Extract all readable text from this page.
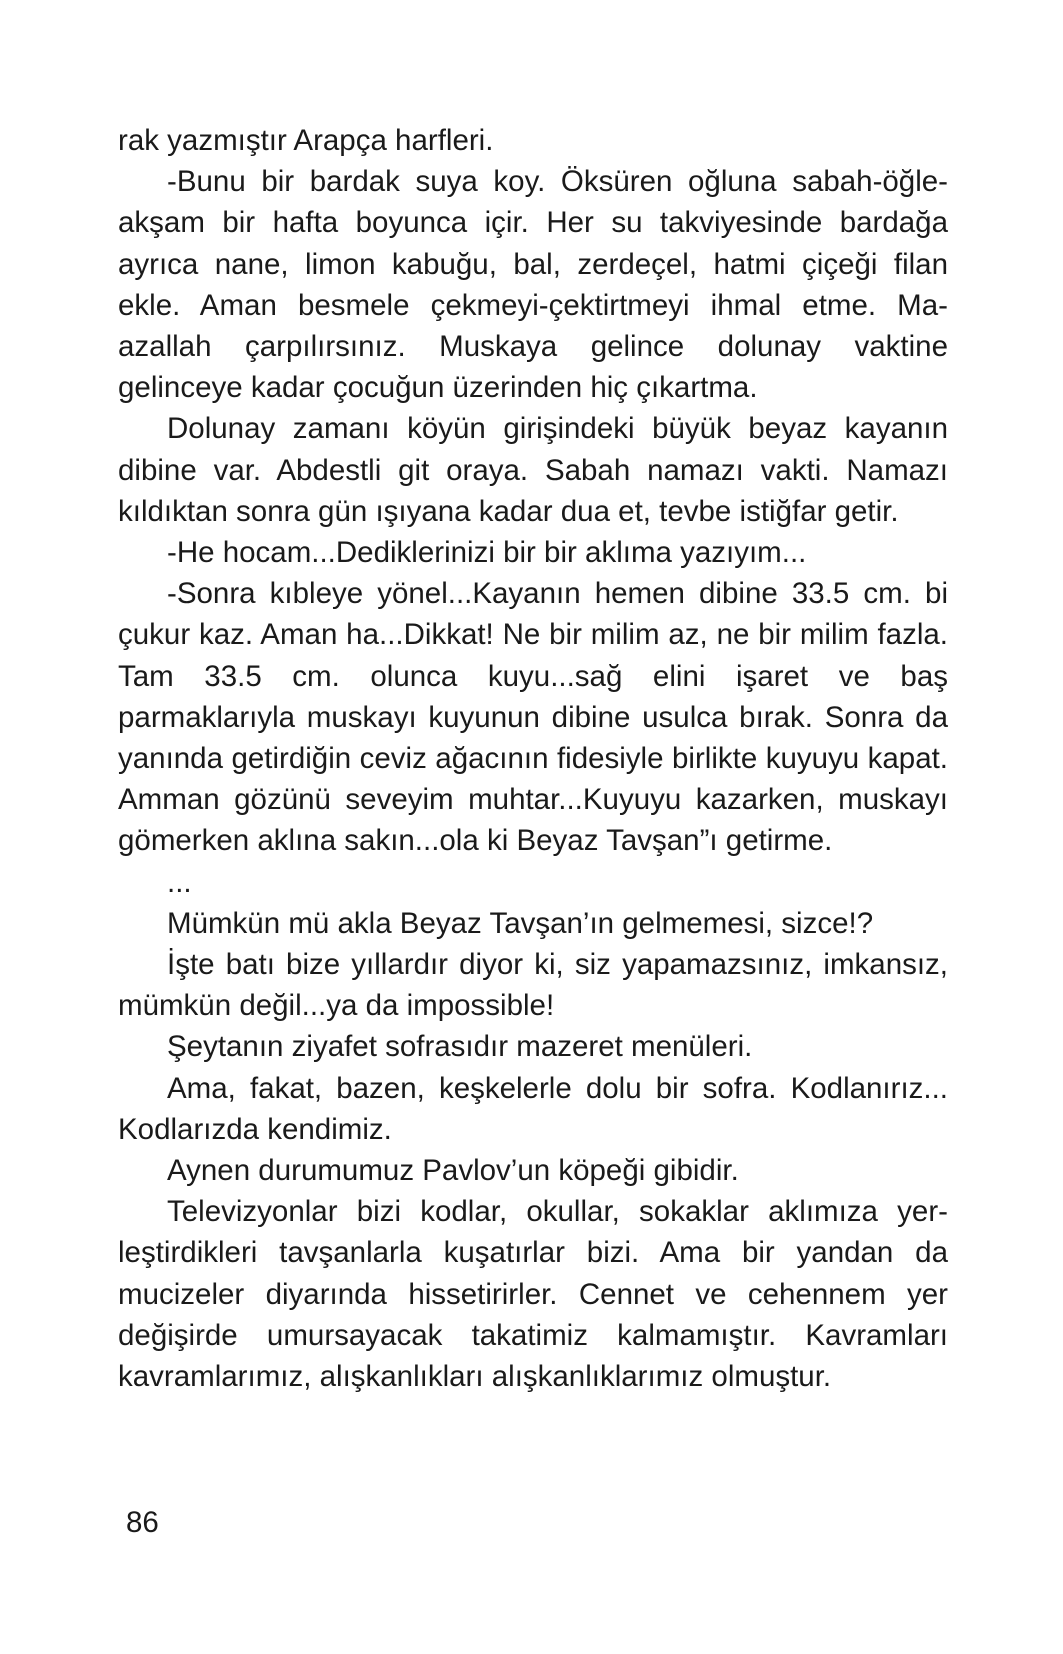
rak yazmıştır Arapça harfleri.

-Bunu bir bardak suya koy. Öksüren oğluna sabah-öğle- akşam bir hafta boyunca içir. Her su takviyesinde bardağa ayrıca nane, limon kabuğu, bal, zerdeçel, hatmi çiçeği filan ekle. Aman besmele çekmeyi-çektirtmeyi ihmal etme. Maazallah çarpılırsınız. Muskaya gelince dolunay vaktine gelinceye kadar çocuğun üzerinden hiç çıkartma.

Dolunay zamanı köyün girişindeki büyük beyaz kayanın dibine var. Abdestli git oraya. Sabah namazı vakti. Namazı kıldıktan sonra gün ışıyana kadar dua et, tevbe istiğfar getir.

-He hocam...Dediklerinizi bir bir aklıma yazıyım...

-Sonra kıbleye yönel...Kayanın hemen dibine 33.5 cm. bi çukur kaz. Aman ha...Dikkat! Ne bir milim az, ne bir milim fazla. Tam 33.5 cm. olunca kuyu...sağ elini işaret ve baş parmaklarıyla muskayı kuyunun dibine usulca bırak. Sonra da yanında getirdiğin ceviz ağacının fidesiyle birlikte kuyuyu kapat. Amman gözünü seveyim muhtar...Kuyuyu kazarken, muskayı gömerken aklına sakın...ola ki Beyaz Tavşan”ı getirme.

...

Mümkün mü akla Beyaz Tavşan’ın gelmemesi, sizce!?

İşte batı bize yıllardır diyor ki, siz yapamazsınız, imkansız, mümkün değil...ya da impossible!

Şeytanın ziyafet sofrasıdır mazeret menüleri.

Ama, fakat, bazen, keşkelerle dolu bir sofra. Kodlanırız... Kodlarızda kendimiz.

Aynen durumumuz Pavlov’un köpeği gibidir.

Televizyonlar bizi kodlar, okullar, sokaklar aklımıza yerleştirdikleri tavşanlarla kuşatırlar bizi. Ama bir yandan da mucizeler diyarında hissetirirler. Cennet ve cehennem yer değişirde umursayacak takatimiz kalmamıştır. Kavramları kavramlarımız, alışkanlıkları alışkanlıklarımız olmuştur.

86
